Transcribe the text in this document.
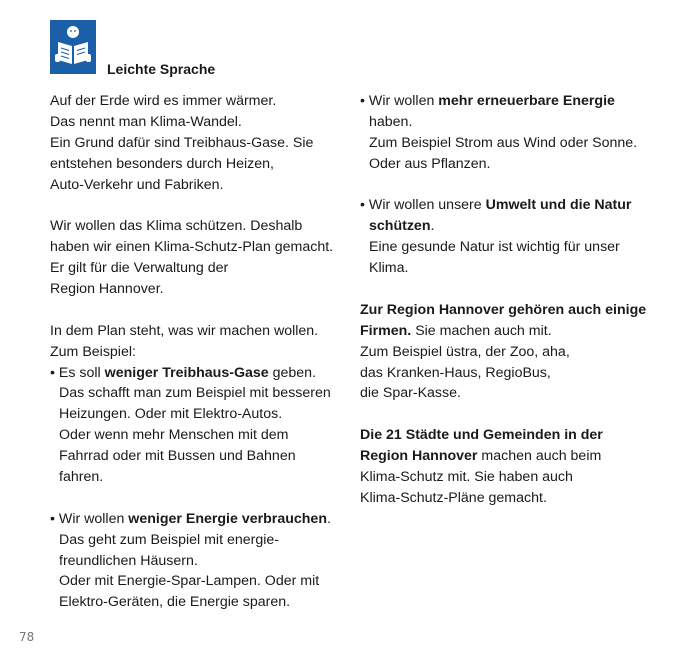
Leichte Sprache
Auf der Erde wird es immer wärmer.
Das nennt man Klima-Wandel.
Ein Grund dafür sind Treibhaus-Gase. Sie
entstehen besonders durch Heizen,
Auto-Verkehr und Fabriken.
Wir wollen das Klima schützen. Deshalb
haben wir einen Klima-Schutz-Plan gemacht.
Er gilt für die Verwaltung der
Region Hannover.
In dem Plan steht, was wir machen wollen.
Zum Beispiel:
• Es soll weniger Treibhaus-Gase geben.
Das schafft man zum Beispiel mit besseren
Heizungen. Oder mit Elektro-Autos.
Oder wenn mehr Menschen mit dem
Fahrrad oder mit Bussen und Bahnen
fahren.
• Wir wollen weniger Energie verbrauchen.
Das geht zum Beispiel mit energie-
freundlichen Häusern.
Oder mit Energie-Spar-Lampen. Oder mit
Elektro-Geräten, die Energie sparen.
• Wir wollen mehr erneuerbare Energie
haben.
Zum Beispiel Strom aus Wind oder Sonne.
Oder aus Pflanzen.
• Wir wollen unsere Umwelt und die Natur
schützen.
Eine gesunde Natur ist wichtig für unser
Klima.
Zur Region Hannover gehören auch einige
Firmen. Sie machen auch mit.
Zum Beispiel üstra, der Zoo, aha,
das Kranken-Haus, RegioBus,
die Spar-Kasse.
Die 21 Städte und Gemeinden in der
Region Hannover machen auch beim
Klima-Schutz mit. Sie haben auch
Klima-Schutz-Pläne gemacht.
78
